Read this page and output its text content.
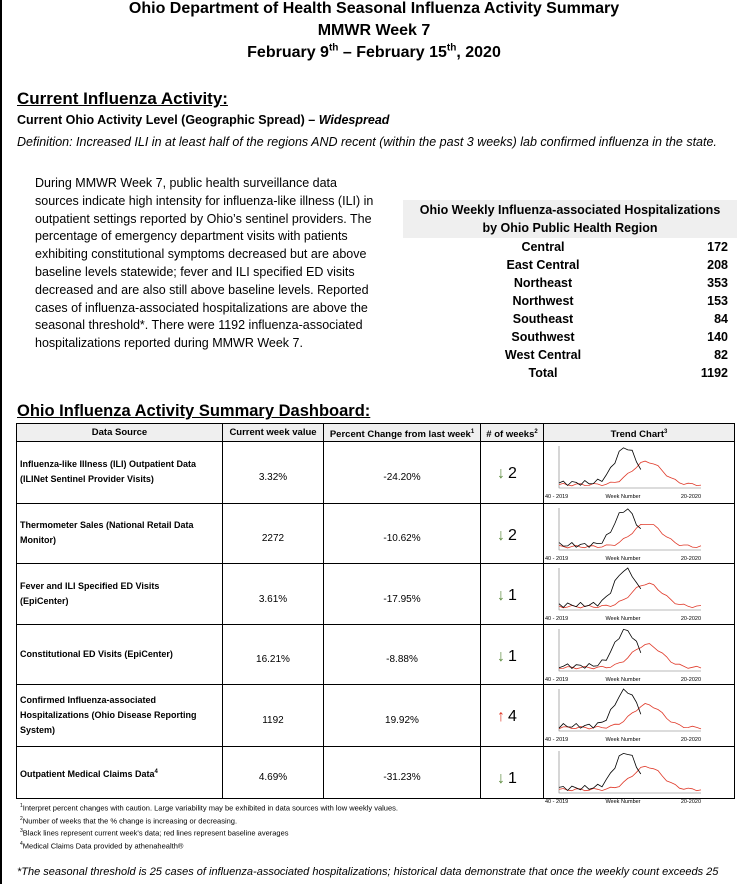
Ohio Department of Health Seasonal Influenza Activity Summary
MMWR Week 7
February 9th – February 15th, 2020
Current Influenza Activity:
Current Ohio Activity Level (Geographic Spread) – Widespread
Definition: Increased ILI in at least half of the regions AND recent (within the past 3 weeks) lab confirmed influenza in the state.
During MMWR Week 7, public health surveillance data sources indicate high intensity for influenza-like illness (ILI) in outpatient settings reported by Ohio’s sentinel providers. The percentage of emergency department visits with patients exhibiting constitutional symptoms decreased but are above baseline levels statewide; fever and ILI specified ED visits decreased and are also still above baseline levels. Reported cases of influenza-associated hospitalizations are above the seasonal threshold*. There were 1192 influenza-associated hospitalizations reported during MMWR Week 7.
Ohio Weekly Influenza-associated Hospitalizations
by Ohio Public Health Region
Central	172
East Central	208
Northeast	353
Northwest	153
Southeast	84
Southwest	140
West Central	82
Total	1192
Ohio Influenza Activity Summary Dashboard:
Data Source	Current week value	Percent Change from last week$^1$	# of weeks$^2$	Trend Chart$^3$
Influenza-like Illness (ILI) Outpatient Data
(ILINet Sentinel Provider Visits)	3.32%	-24.20%	↓ 2
40 - 2019	Week Number	20-2020
Thermometer Sales (National Retail Data
Monitor)	2272	-10.62%	↓ 2
40 - 2019	Week Number	20-2020
Fever and ILI Specified ED Visits
(EpiCenter)	3.61%	-17.95%	↓ 1
40 - 2019	Week Number	20-2020
Constitutional ED Visits (EpiCenter)	16.21%	-8.88%	↓ 1
40 - 2019	Week Number	20-2020
Confirmed Influenza-associated
Hospitalizations (Ohio Disease Reporting
System)
1192	19.92%	↑ 4
40 - 2019	Week Number	20-2020
Outpatient Medical Claims Data$^4$	4.69%	-31.23%	↓ 1
40 - 2019	Week Number	20-2020
$^1$Interpret percent changes with caution. Large variability may be exhibited in data sources with low weekly values.
$^2$Number of weeks that the % change is increasing or decreasing.
$^3$Black lines represent current week's data; red lines represent baseline averages
$^4$Medical Claims Data provided by athenahealth®
*The seasonal threshold is 25 cases of influenza-associated hospitalizations; historical data demonstrate that once the weekly count exceeds 25
